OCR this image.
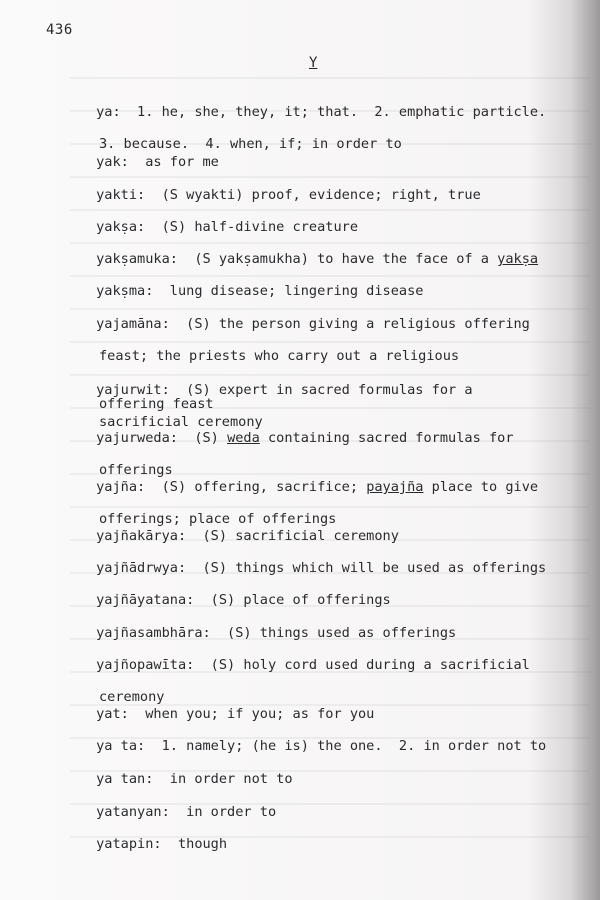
436
Y

ya:  1. he, she, they, it; that.  2. emphatic particle.

3. because.  4. when, if; in order to

yak:  as for me

yakti:  (S wyakti) proof, evidence; right, true

yakṣa:  (S) half-divine creature

yakṣamuka:  (S yakṣamukha) to have the face of a yakṣa

yakṣma:  lung disease; lingering disease

yajamāna:  (S) the person giving a religious offering

feast; the priests who carry out a religious

offering feast

yajurwit:  (S) expert in sacred formulas for a

sacrificial ceremony

yajurweda:  (S) weda containing sacred formulas for

offerings

yajña:  (S) offering, sacrifice; payajña place to give

offerings; place of offerings

yajñakārya:  (S) sacrificial ceremony

yajñādrwya:  (S) things which will be used as offerings

yajñāyatana:  (S) place of offerings

yajñasambhāra:  (S) things used as offerings

yajñopawīta:  (S) holy cord used during a sacrificial

ceremony

yat:  when you; if you; as for you

ya ta:  1. namely; (he is) the one.  2. in order not to

ya tan:  in order not to

yatanyan:  in order to

yatapin:  though
